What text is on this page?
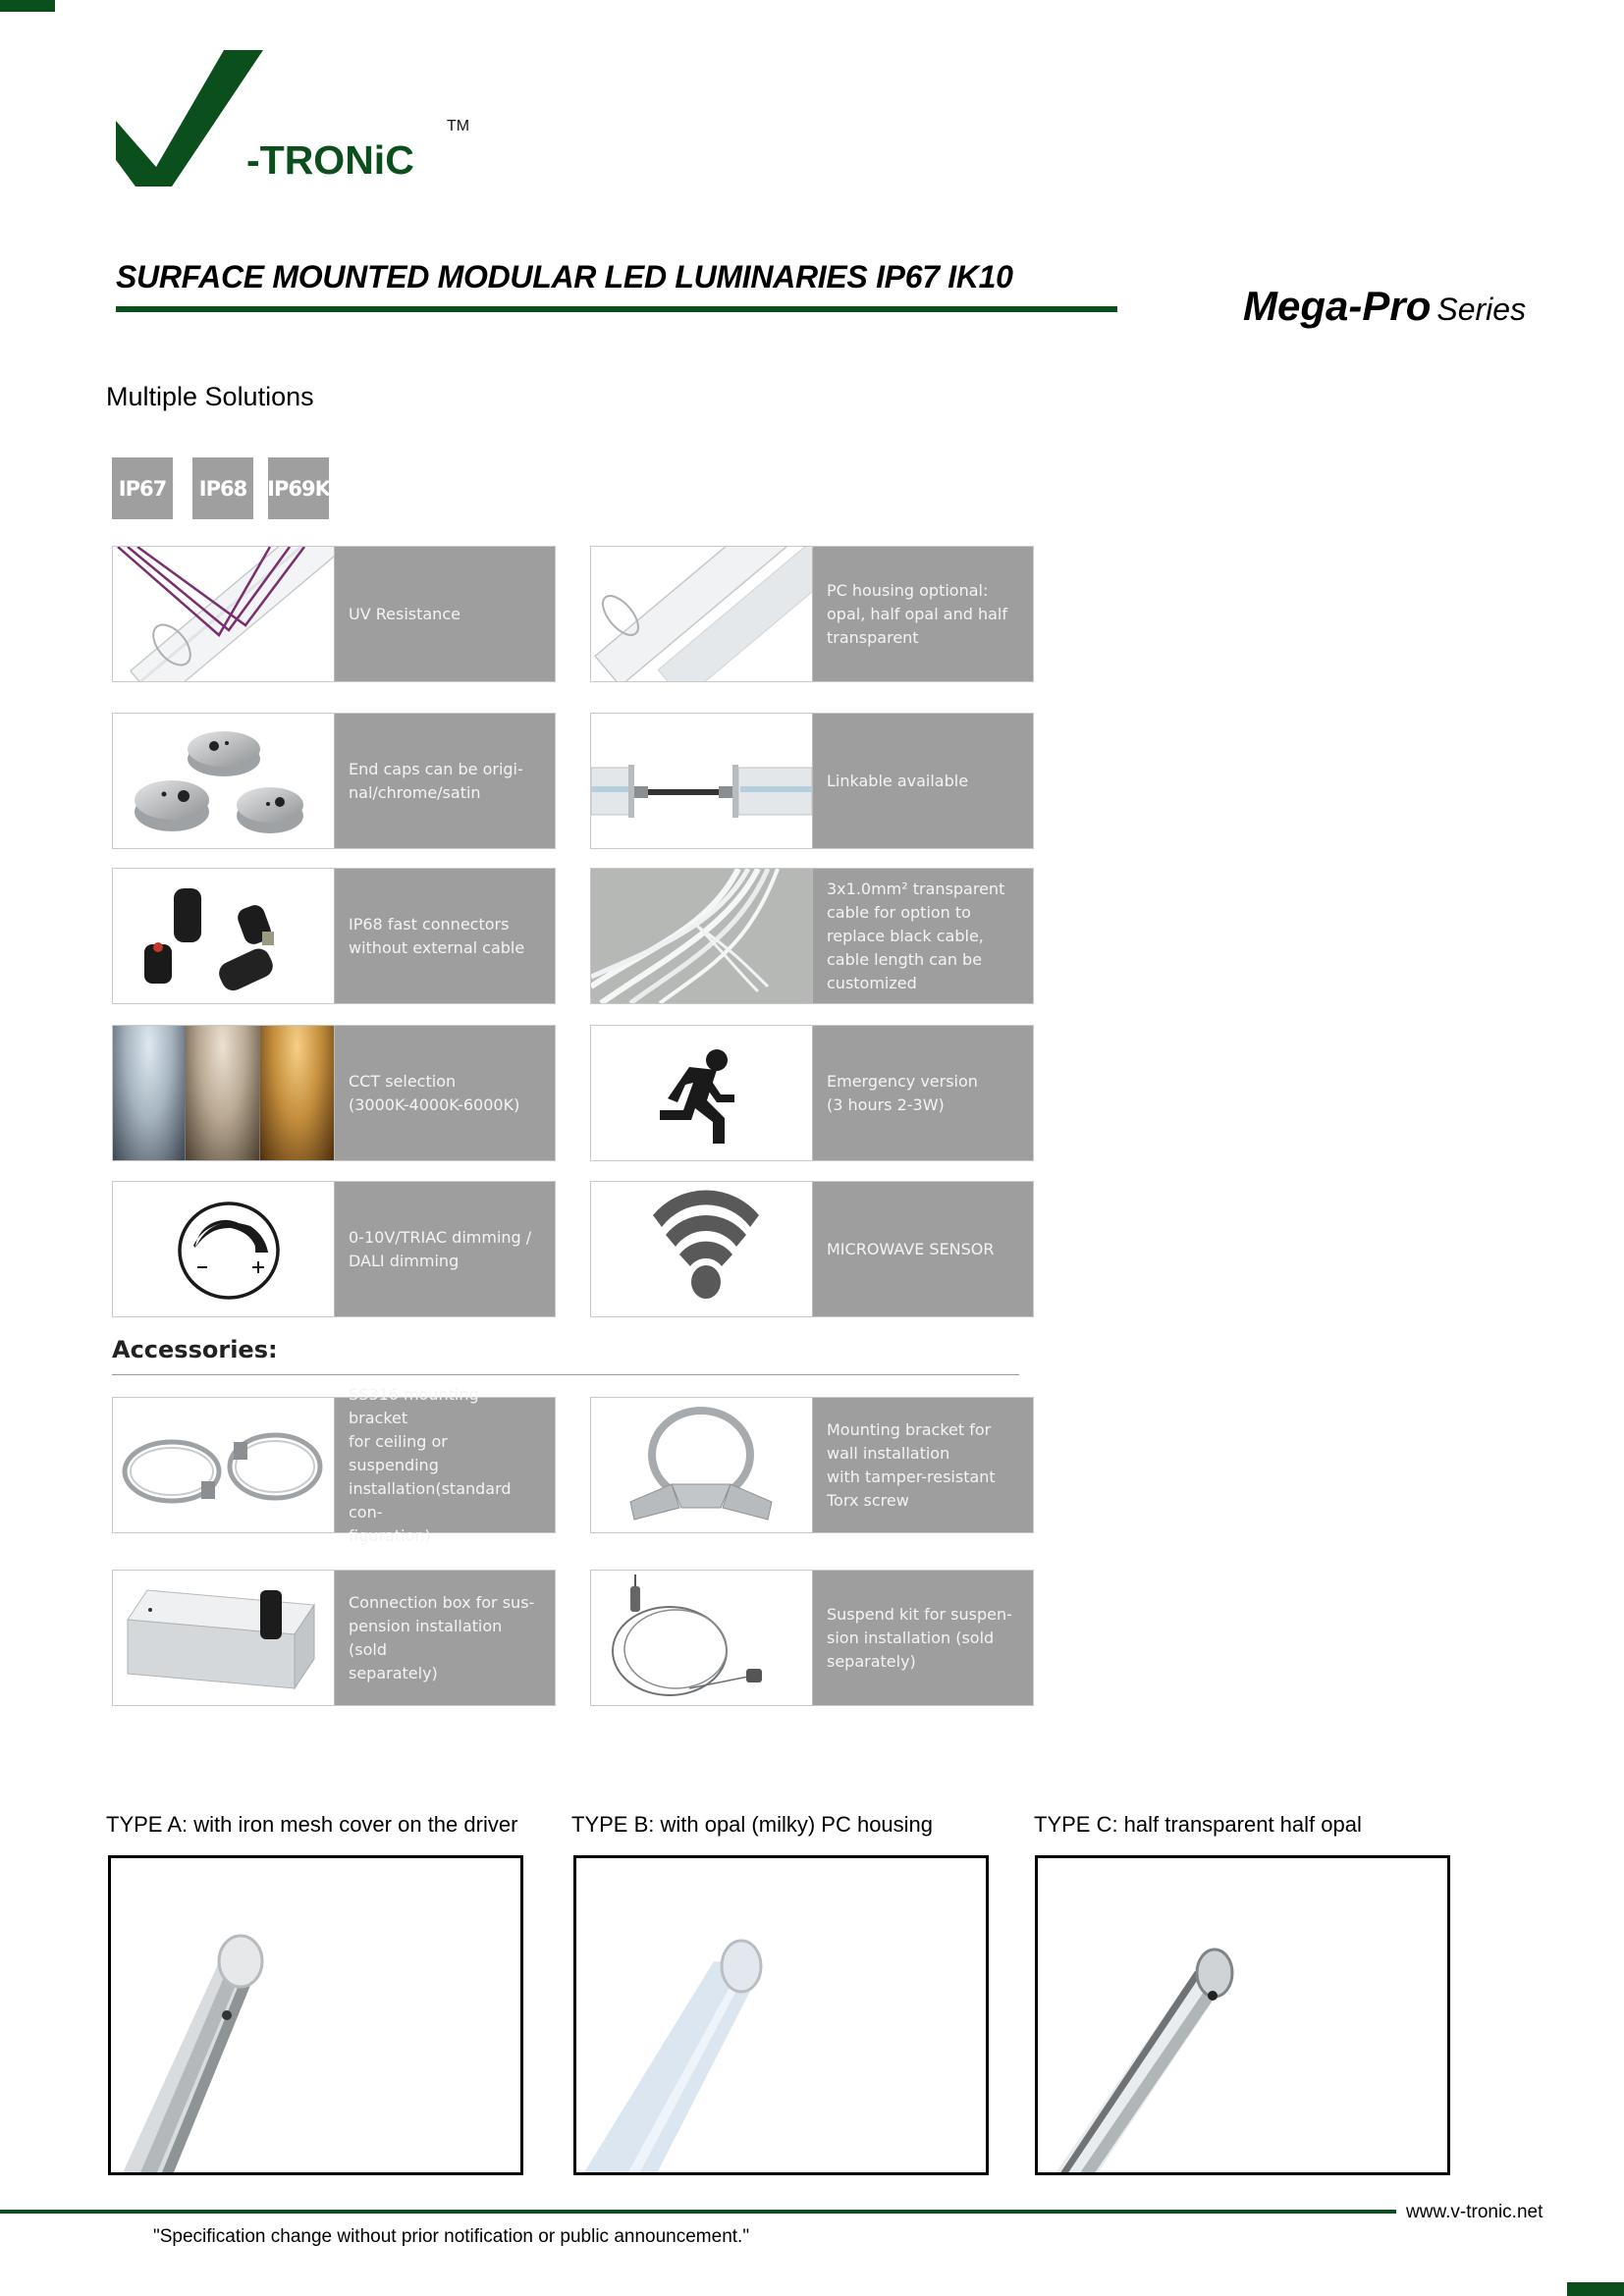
-TRONiC
TM
SURFACE MOUNTED MODULAR LED LUMINARIES IP67 IK10
Mega-Pro Series
Multiple Solutions
IP67	IP68 IP69K
UV Resistance
PC housing optional:
opal, half opal and half
transparent
End caps can be origi-
nal/chrome/satin
Linkable available
IP68 fast connectors
without external cable
3x1.0mm² transparent
cable for option to
replace black cable,
cable length can be
customized
CCT selection
(3000K-4000K-6000K)
Emergency version
(3 hours 2-3W)
0-10V/TRIAC dimming /
DALI dimming
MICROWAVE SENSOR
Accessories:
SS316 mounting bracket
for ceiling or suspending
installation(standard con-
figuration)
Mounting bracket for
wall installation
with tamper-resistant
Torx screw
Connection box for sus-
pension installation (sold
separately)
Suspend kit for suspen-
sion installation (sold
separately)
TYPE A: with iron mesh cover on the driver TYPE B: with opal (milky) PC housing	TYPE C: half transparent half opal
www.v-tronic.net
"Specification change without prior notification or public announcement."
